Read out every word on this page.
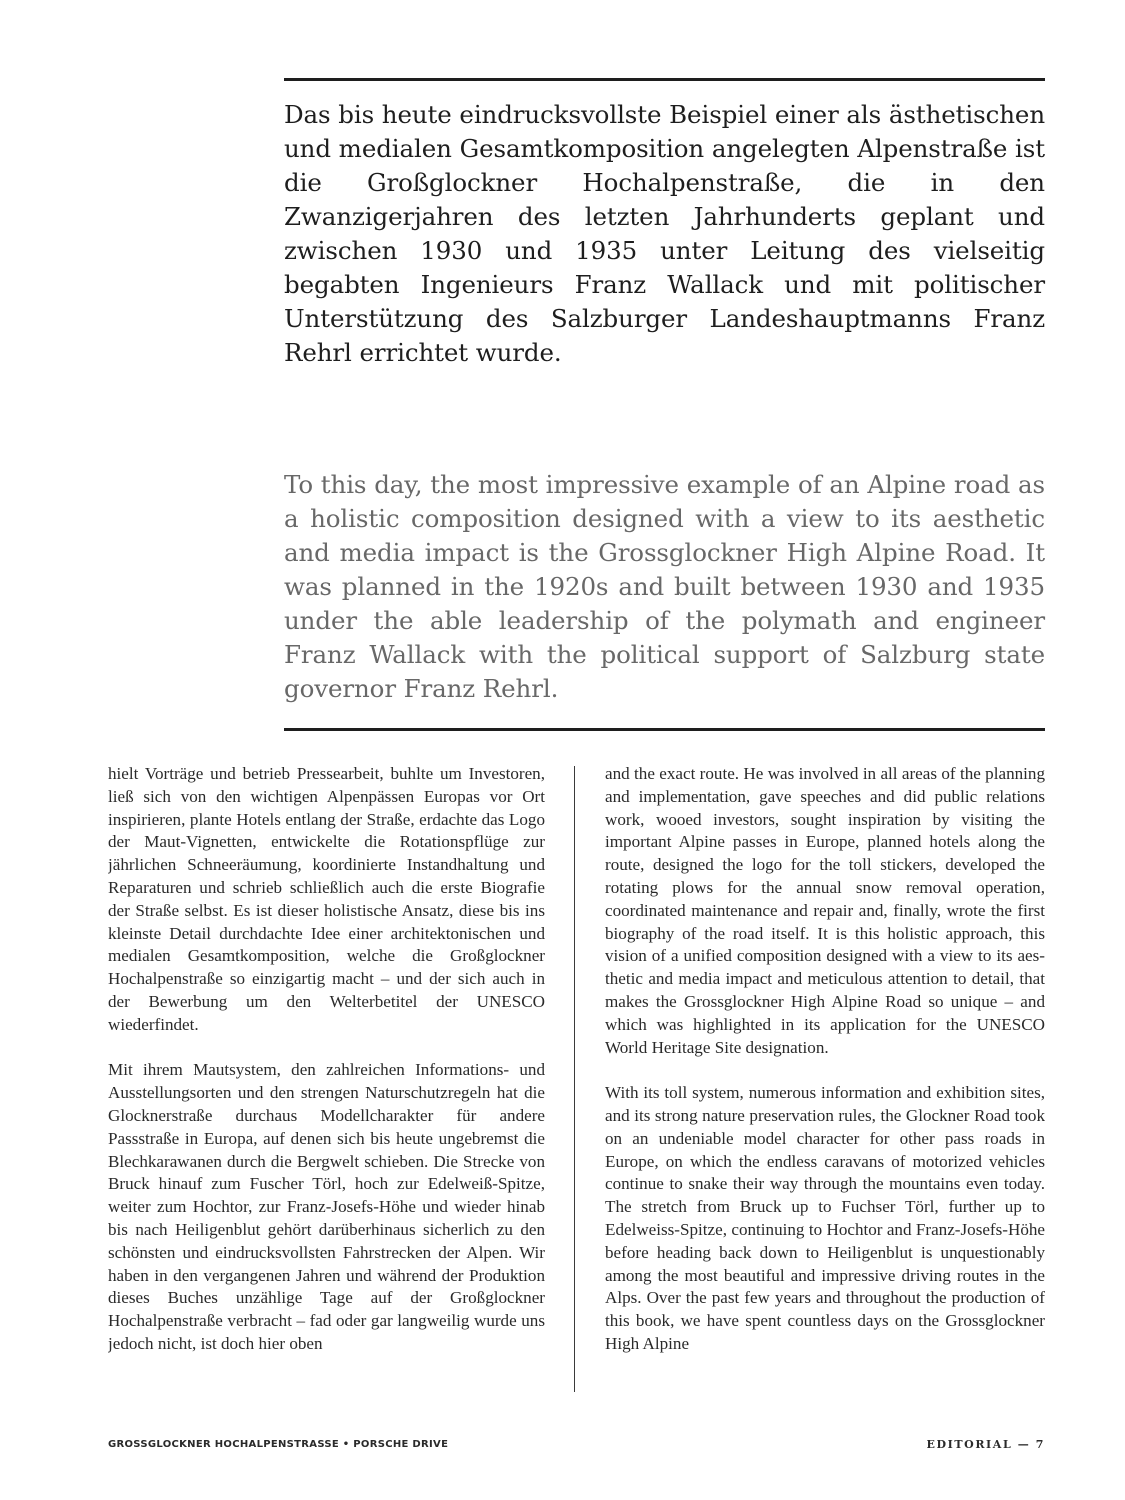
Das bis heute eindrucksvollste Beispiel einer als ästhetischen und medialen Gesamtkomposition angelegten Alpenstraße ist die Großglockner Hochalpenstraße, die in den Zwanzigerjahren des letzten Jahrhunderts geplant und zwischen 1930 und 1935 unter Leitung des vielseitig begabten Ingenieurs Franz Wallack und mit politischer Unterstützung des Salzburger Landeshauptmanns Franz Rehrl errichtet wurde.

To this day, the most impressive example of an Alpine road as a holistic composition designed with a view to its aesthetic and media impact is the Grossglockner High Alpine Road. It was planned in the 1920s and built between 1930 and 1935 under the able leadership of the polymath and engineer Franz Wallack with the political support of Salzburg state governor Franz Rehrl.

hielt Vorträge und betrieb Pressearbeit, buhlte um Investoren, ließ sich von den wichtigen Alpenpässen Europas vor Ort inspirieren, plante Hotels entlang der Straße, erdachte das Logo der Maut-Vignetten, entwickelte die Rotationspflüge zur jährlichen Schneeräumung, koordinierte Instandhaltung und Reparaturen und schrieb schließlich auch die erste Biografie der Straße selbst. Es ist dieser holistische Ansatz, diese bis ins kleinste Detail durchdachte Idee einer architektonischen und medialen Gesamtkomposition, welche die Großglockner Hochalpenstraße so einzigartig macht – und der sich auch in der Bewerbung um den Welterbetitel der UNESCO wiederfindet.

Mit ihrem Mautsystem, den zahlreichen Informations- und Ausstellungsorten und den strengen Naturschutzregeln hat die Glocknerstraße durchaus Modellcharakter für andere Passstraße in Europa, auf denen sich bis heute ungebremst die Blechkarawanen durch die Bergwelt schieben. Die Strecke von Bruck hinauf zum Fuscher Törl, hoch zur Edelweiß-Spitze, weiter zum Hochtor, zur Franz-Josefs-Höhe und wieder hinab bis nach Heiligenblut gehört darüberhinaus sicherlich zu den schönsten und eindrucksvollsten Fahrstrecken der Alpen. Wir haben in den vergangenen Jahren und während der Produktion dieses Buches unzählige Tage auf der Großglockner Hochalpenstraße verbracht – fad oder gar langweilig wurde uns jedoch nicht, ist doch hier oben

and the exact route. He was involved in all areas of the planning and implementation, gave speeches and did public relations work, wooed investors, sought inspiration by visiting the important Alpine passes in Europe, planned hotels along the route, designed the logo for the toll stickers, developed the rotating plows for the annual snow removal operation, coordinated maintenance and repair and, finally, wrote the first biography of the road itself. It is this holistic approach, this vision of a unified composition designed with a view to its aesthetic and media impact and meticulous attention to detail, that makes the Grossglockner High Alpine Road so unique – and which was highlighted in its application for the UNESCO World Heritage Site designation.

With its toll system, numerous information and exhibition sites, and its strong nature preservation rules, the Glockner Road took on an undeniable model character for other pass roads in Europe, on which the endless caravans of motorized vehicles continue to snake their way through the mountains even today. The stretch from Bruck up to Fuchser Törl, further up to Edelweiss-Spitze, continuing to Hochtor and Franz-Josefs-Höhe before heading back down to Heiligenblut is unquestionably among the most beautiful and impressive driving routes in the Alps. Over the past few years and throughout the production of this book, we have spent countless days on the Grossglockner High Alpine

GROSSGLOCKNER HOCHALPENSTRASSE • PORSCHE DRIVE	EDITORIAL — 7
